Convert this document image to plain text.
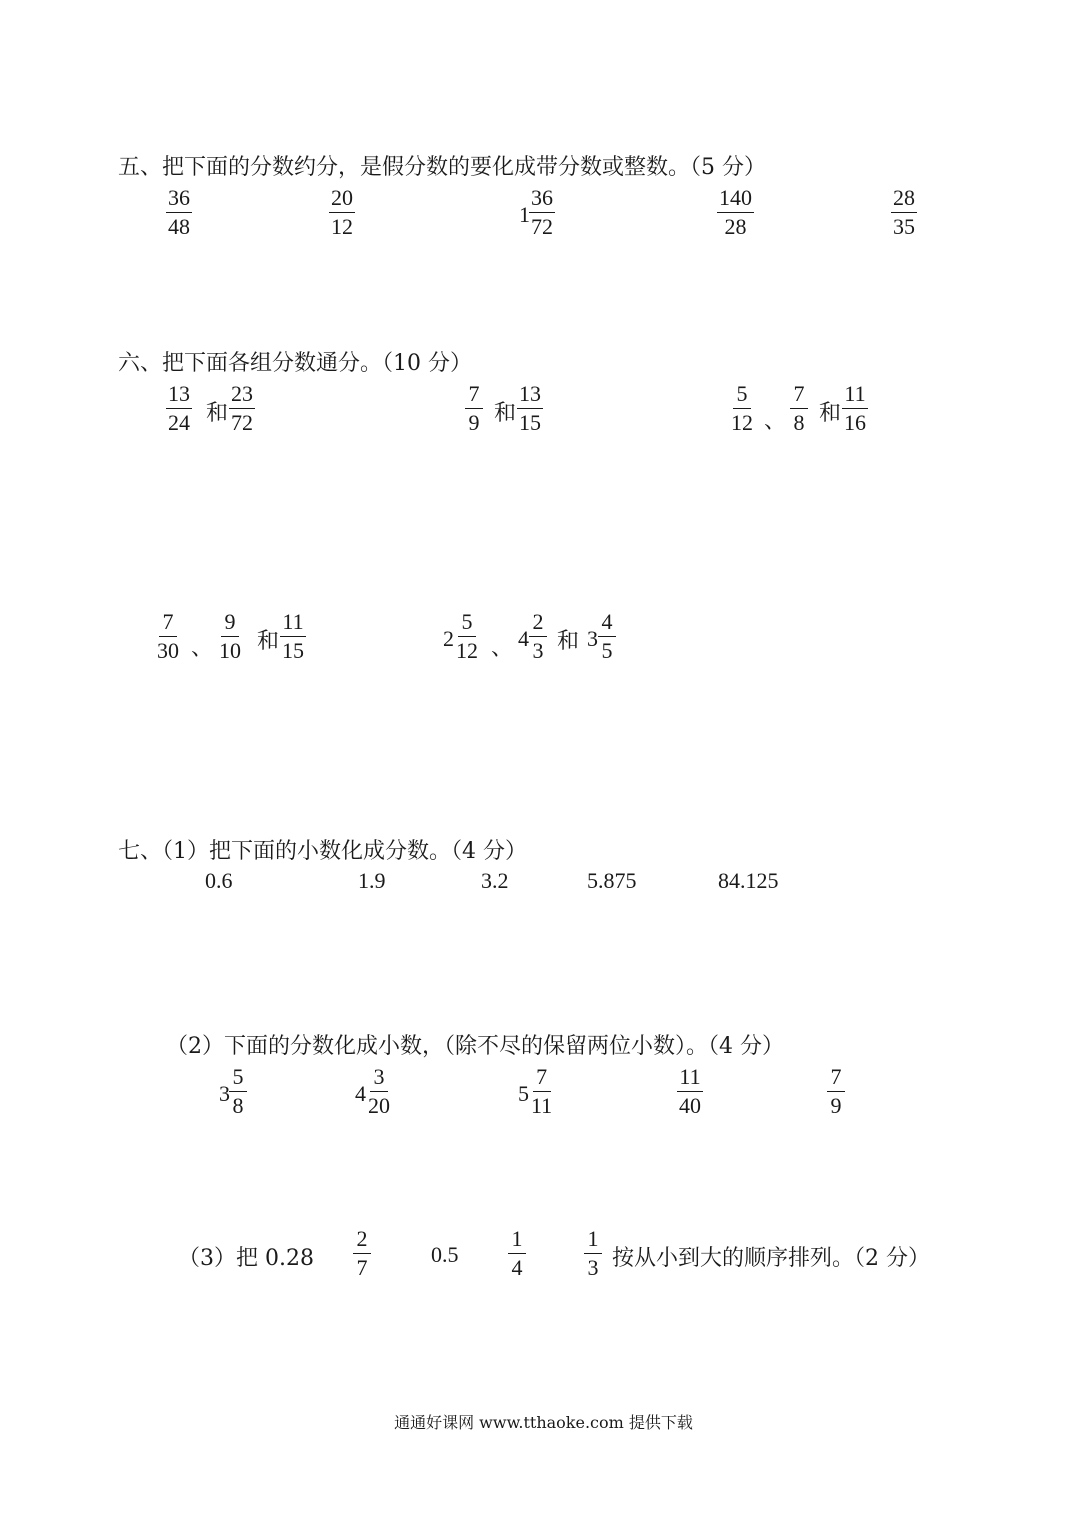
五、把下面的分数约分，是假分数的要化成带分数或整数。（5 分）
$\frac{36}{48}$	$\frac{20}{12}$	$1 \frac{36}{72}$	$\frac{140}{28}$	$\frac{28}{35}$
六、把下面各组分数通分。（10 分）
$\frac{13}{24}$ 和 $\frac{23}{72}$	$\frac{7}{9}$ 和 $\frac{13}{15}$	$\frac{5}{12}$ 、 $\frac{7}{8}$ 和 $\frac{11}{16}$
$\frac{7}{30}$ 、 $\frac{9}{10}$ 和 $\frac{11}{15}$	$2 \frac{5}{12}$ 、 $4 \frac{2}{3}$ 和 $3 \frac{4}{5}$
七、（1）把下面的小数化成分数。（4 分）
0.6	1.9	3.2	5.875	84.125
（2）下面的分数化成小数，（除不尽的保留两位小数）。（4 分）
$3 \frac{5}{8}$	$4 \frac{3}{20}$	$5 \frac{7}{11}$	$\frac{11}{40}$	$\frac{7}{9}$
（3）把 $0.28 \frac{2}{7}$	$0.5 \frac{1}{4}$	$\frac{1}{3}$ 按从小到大的顺序排列。（2 分）
通通好课网 www.tthaoke.com 提供下载
